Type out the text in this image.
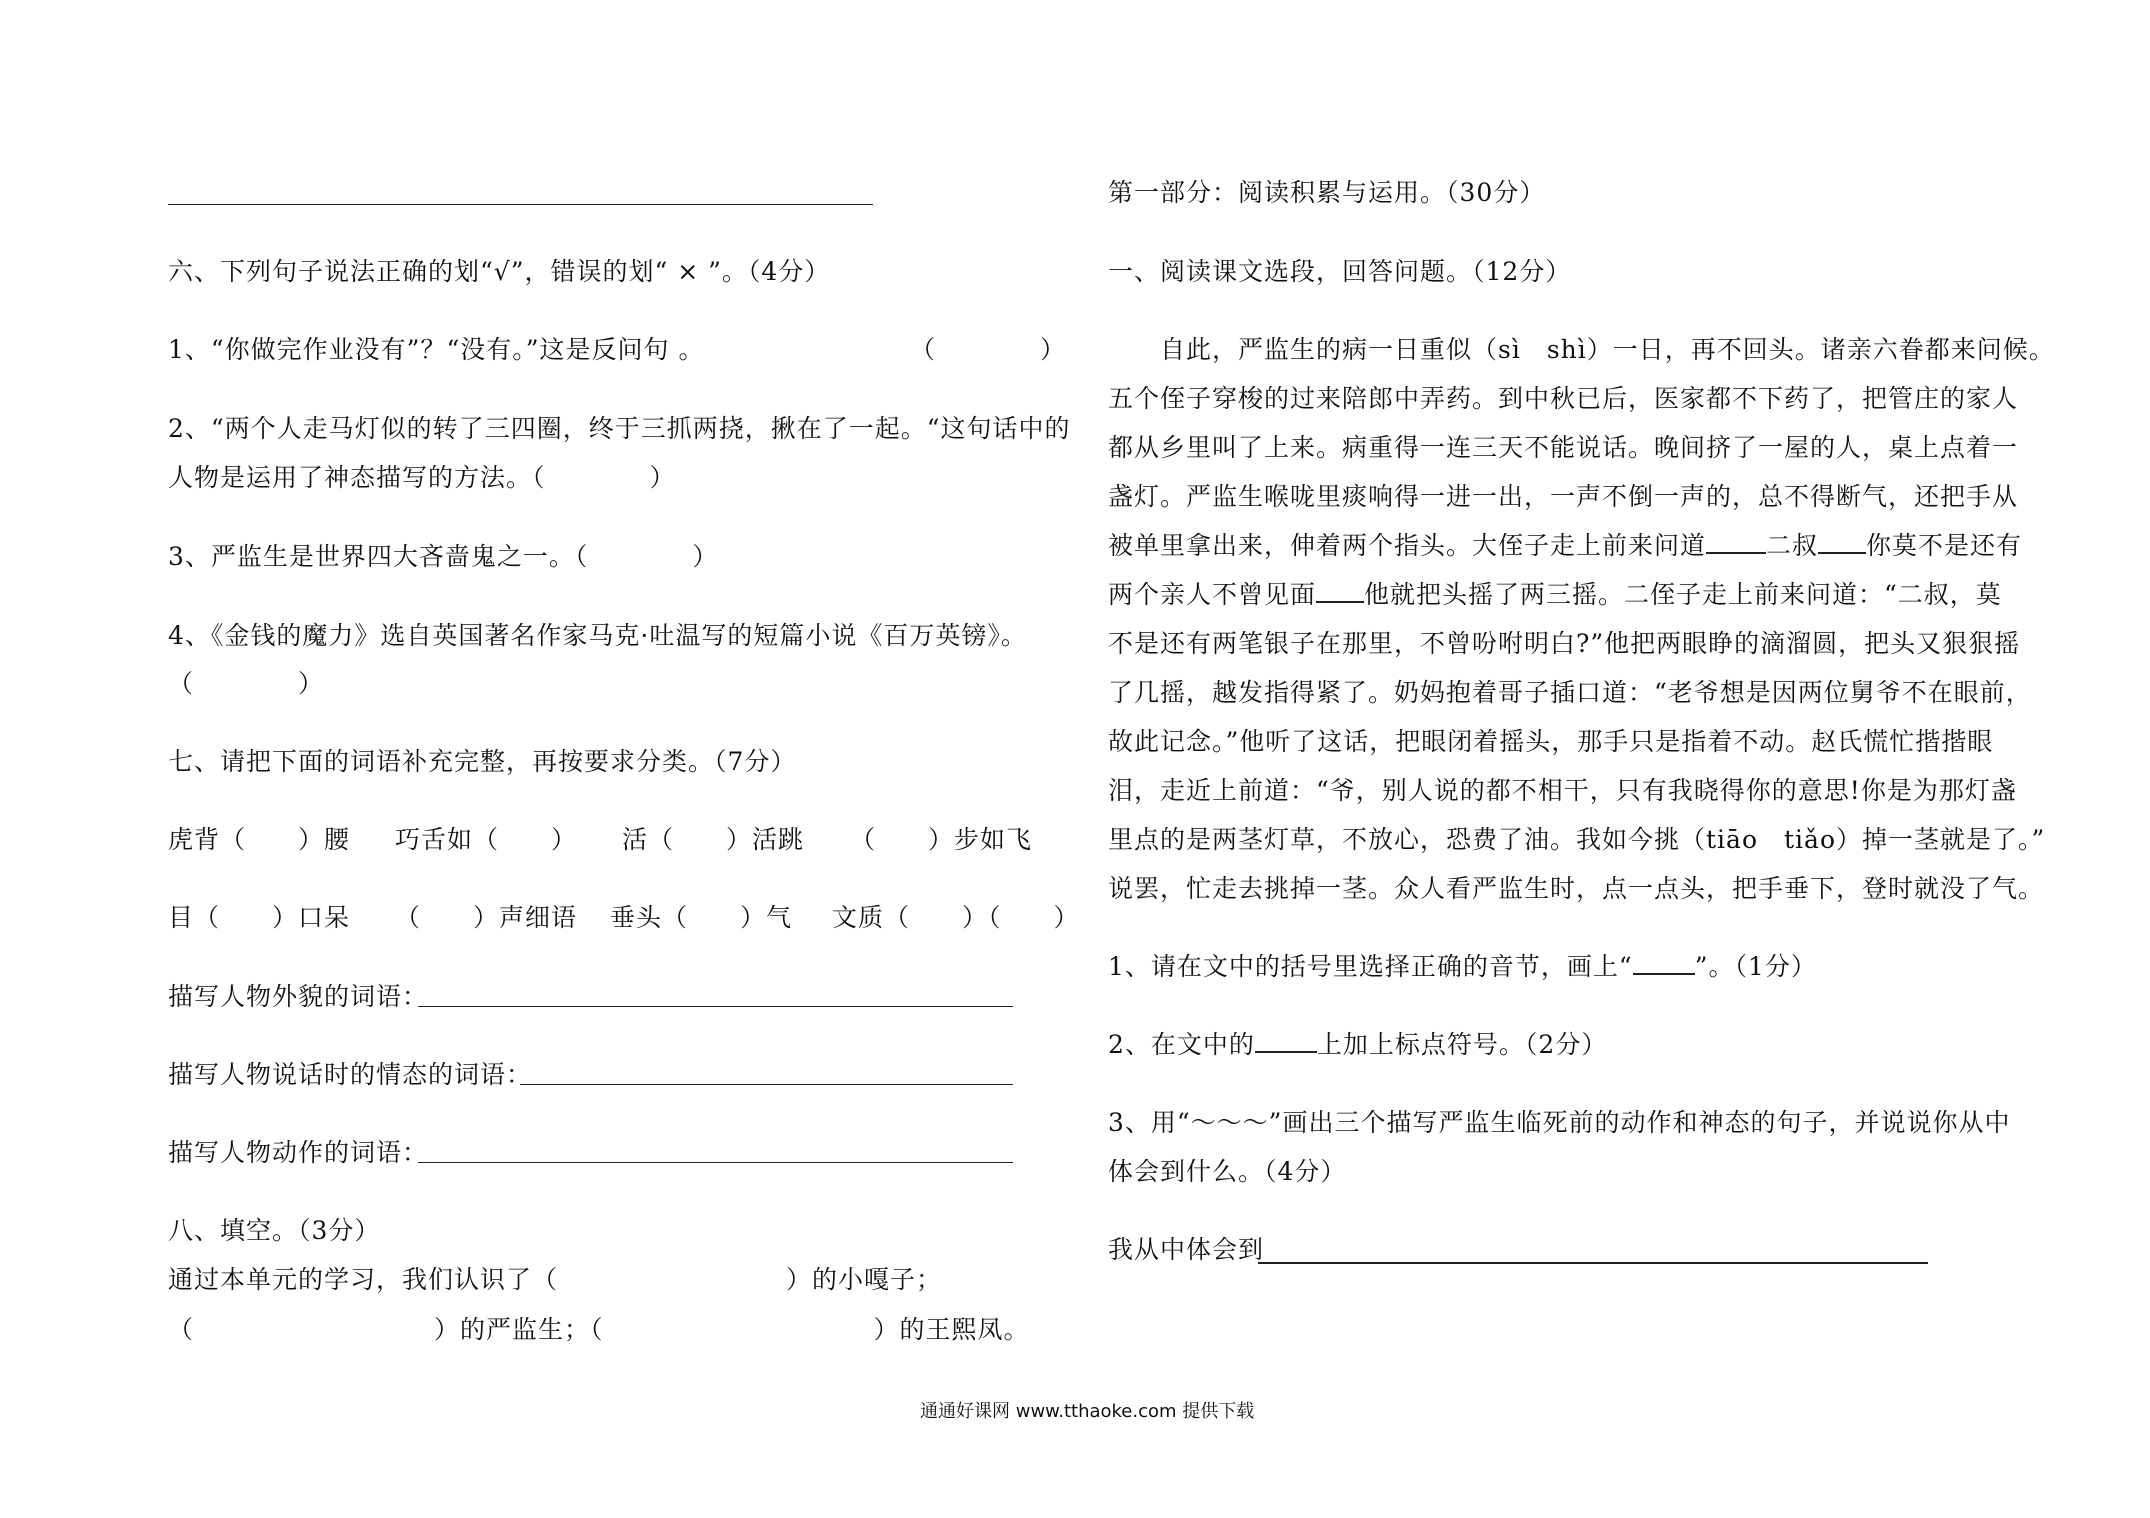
六、下列句子说法正确的划“√”，错误的划“ × ”。（4分）
1、“你做完作业没有”？“没有。”这是反问句 。	（　　　　）
2、“两个人走马灯似的转了三四圈，终于三抓两挠，揪在了一起。“这句话中的
人物是运用了神态描写的方法。（　　　　）
3、严监生是世界四大吝啬鬼之一。（　　　　）
4、《金钱的魔力》选自英国著名作家马克·吐温写的短篇小说《百万英镑》。
（　　　　）
七、请把下面的词语补充完整，再按要求分类。（7分）
虎背（　　）腰 巧舌如（　　） 活（　　）活跳 （　　）步如飞
目（　　）口呆 （　　）声细语 垂头（　　）气 文质（　　）（　　）
描写人物外貌的词语：
描写人物说话时的情态的词语：
描写人物动作的词语：
八、填空。（3分）
通过本单元的学习，我们认识了（	）的小嘎子；
（	）的严监生；（	）的王熙凤。
第一部分：阅读积累与运用。（30分）
一、阅读课文选段，回答问题。（12分）
　　自此，严监生的病一日重似（sì　shì）一日，再不回头。诸亲六眷都来问候。
五个侄子穿梭的过来陪郎中弄药。到中秋已后，医家都不下药了，把管庄的家人
都从乡里叫了上来。病重得一连三天不能说话。晚间挤了一屋的人，桌上点着一
盏灯。严监生喉咙里痰响得一进一出，一声不倒一声的，总不得断气，还把手从
被单里拿出来，伸着两个指头。大侄子走上前来问道 二叔 你莫不是还有
两个亲人不曾见面 他就把头摇了两三摇。二侄子走上前来问道：“二叔，莫
不是还有两笔银子在那里，不曾吩咐明白?”他把两眼睁的滴溜圆，把头又狠狠摇
了几摇，越发指得紧了。奶妈抱着哥子插口道：“老爷想是因两位舅爷不在眼前，
故此记念。”他听了这话，把眼闭着摇头，那手只是指着不动。赵氏慌忙揩揩眼
泪，走近上前道：“爷，别人说的都不相干，只有我晓得你的意思!你是为那灯盏
里点的是两茎灯草，不放心，恐费了油。我如今挑（tiāo　tiǎo）掉一茎就是了。”
说罢，忙走去挑掉一茎。众人看严监生时，点一点头，把手垂下，登时就没了气。
1、请在文中的括号里选择正确的音节，画上“ ”。（1分）
2、在文中的 上加上标点符号。（2分）
3、用“～～～”画出三个描写严监生临死前的动作和神态的句子，并说说你从中
体会到什么。（4分）
我从中体会到
通通好课网 www.tthaoke.com 提供下载
